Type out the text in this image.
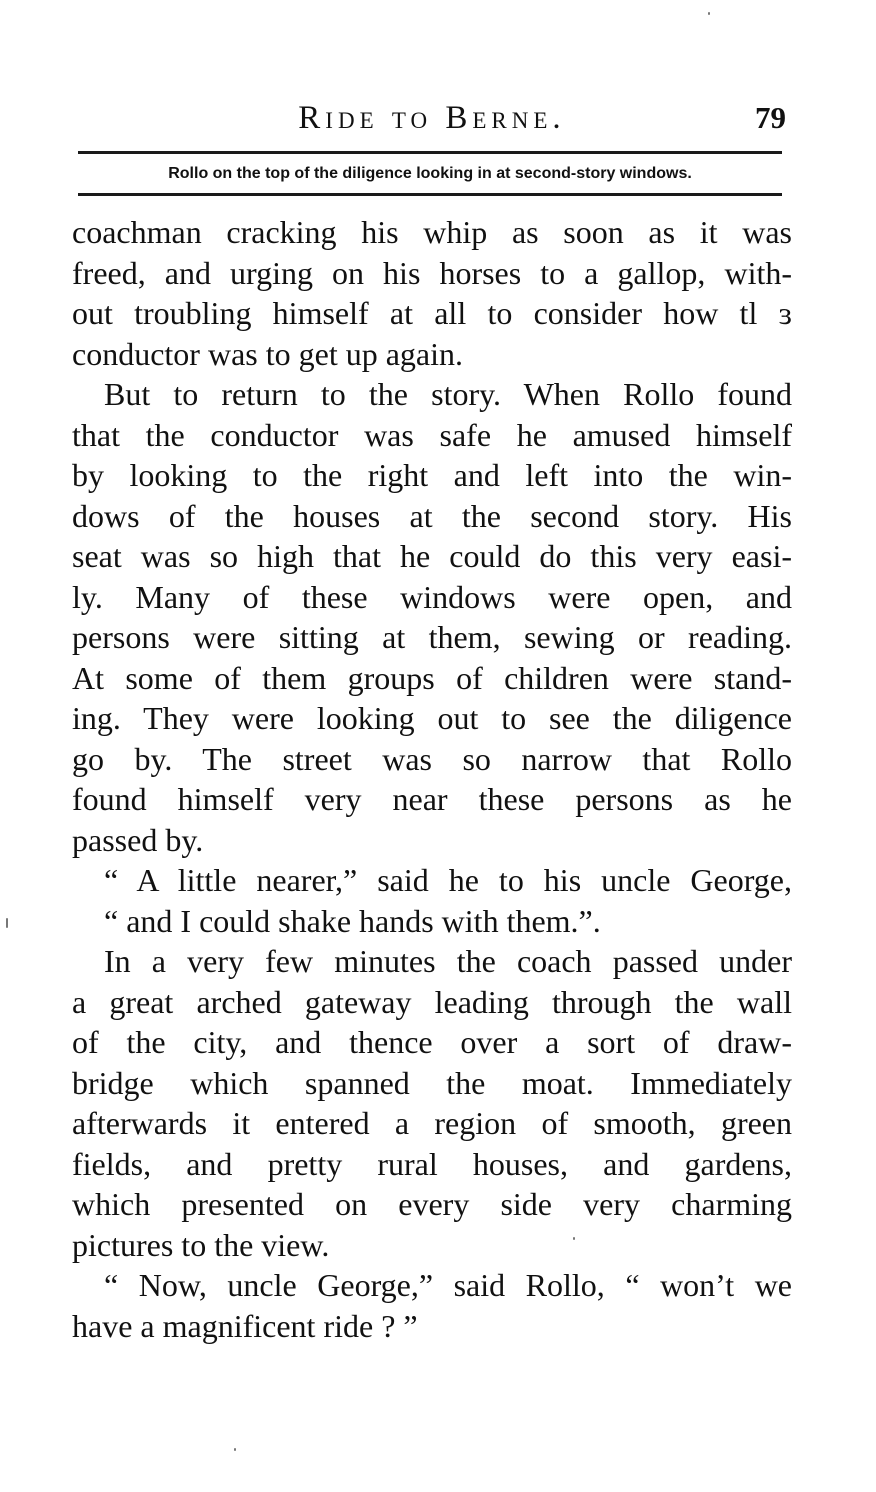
Ride to Berne.	79
Rollo on the top of the diligence looking in at second-story windows.
coachman cracking his whip as soon as it was
freed, and urging on his horses to a gallop, with-
out troubling himself at all to consider how tl ɜ
conductor was to get up again.
But to return to the story. When Rollo found
that the conductor was safe he amused himself
by looking to the right and left into the win-
dows of the houses at the second story. His
seat was so high that he could do this very easi-
ly. Many of these windows were open, and
persons were sitting at them, sewing or reading.
At some of them groups of children were stand-
ing. They were looking out to see the diligence
go by. The street was so narrow that Rollo
found himself very near these persons as he
passed by.
“ A little nearer,” said he to his uncle George,
“ and I could shake hands with them.”.
In a very few minutes the coach passed under
a great arched gateway leading through the wall
of the city, and thence over a sort of draw-
bridge which spanned the moat. Immediately
afterwards it entered a region of smooth, green
fields, and pretty rural houses, and gardens,
which presented on every side very charming
pictures to the view.
“ Now, uncle George,” said Rollo, “ won’t we
have a magnificent ride ? ”
